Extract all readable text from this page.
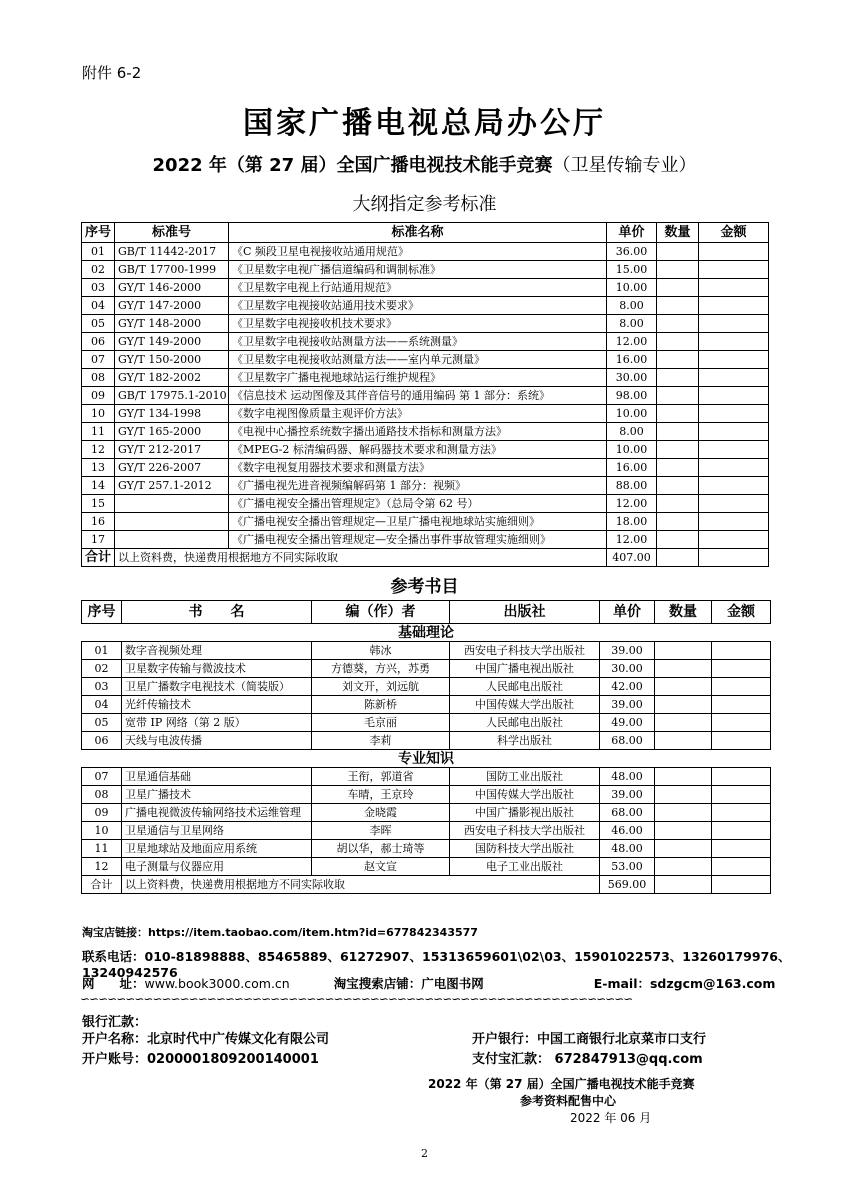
附件 6-2
国家广播电视总局办公厅
2022 年（第 27 届）全国广播电视技术能手竞赛（卫星传输专业）
大纲指定参考标准
序号	标准号	标准名称	单价	数量	金额
01	GB/T 11442-2017	《C 频段卫星电视接收站通用规范》	36.00		
02	GB/T 17700-1999	《卫星数字电视广播信道编码和调制标准》	15.00		
03	GY/T 146-2000	《卫星数字电视上行站通用规范》	10.00		
04	GY/T 147-2000	《卫星数字电视接收站通用技术要求》	8.00		
05	GY/T 148-2000	《卫星数字电视接收机技术要求》	8.00		
06	GY/T 149-2000	《卫星数字电视接收站测量方法——系统测量》	12.00		
07	GY/T 150-2000	《卫星数字电视接收站测量方法——室内单元测量》	16.00		
08	GY/T 182-2002	《卫星数字广播电视地球站运行维护规程》	30.00		
09	GB/T 17975.1-2010	《信息技术 运动图像及其伴音信号的通用编码 第 1 部分：系统》	98.00		
10	GY/T 134-1998	《数字电视图像质量主观评价方法》	10.00		
11	GY/T 165-2000	《电视中心播控系统数字播出通路技术指标和测量方法》	8.00		
12	GY/T 212-2017	《MPEG-2 标清编码器、解码器技术要求和测量方法》	10.00		
13	GY/T 226-2007	《数字电视复用器技术要求和测量方法》	16.00		
14	GY/T 257.1-2012	《广播电视先进音视频编解码第 1 部分：视频》	88.00		
15		《广播电视安全播出管理规定》（总局令第 62 号）	12.00		
16		《广播电视安全播出管理规定—卫星广播电视地球站实施细则》	18.00		
17		《广播电视安全播出管理规定—安全播出事件事故管理实施细则》	12.00		
合计	以上资料费，快递费用根据地方不同实际收取		407.00		
参考书目
序号	书　　名	编（作）者	出版社	单价	数量	金额
基础理论						
01	数字音视频处理	韩冰	西安电子科技大学出版社	39.00		
02	卫星数字传输与微波技术	方德葵，方兴，苏勇	中国广播电视出版社	30.00		
03	卫星广播数字电视技术（简装版）	刘文开，刘远航	人民邮电出版社	42.00		
04	光纤传输技术	陈新桥	中国传媒大学出版社	39.00		
05	宽带 IP 网络（第 2 版）	毛京丽	人民邮电出版社	49.00		
06	天线与电波传播	李莉	科学出版社	68.00		
专业知识						
07	卫星通信基础	王衔，郭道省	国防工业出版社	48.00		
08	卫星广播技术	车晴，王京玲	中国传媒大学出版社	39.00		
09	广播电视微波传输网络技术运维管理	金晓霞	中国广播影视出版社	68.00		
10	卫星通信与卫星网络	李晖	西安电子科技大学出版社	46.00		
11	卫星地球站及地面应用系统	胡以华，郝士琦等	国防科技大学出版社	48.00		
12	电子测量与仪器应用	赵文宣	电子工业出版社	53.00		
合计	以上资料费，快递费用根据地方不同实际收取			569.00		
淘宝店链接：https://item.taobao.com/item.htm?id=677842343577
联系电话：010-81898888、85465889、61272907、15313659601\02\03、15901022573、13260179976、13240942576
网　　址：www.book3000.com.cn	淘宝搜索店铺：广电图书网	E-mail：sdzgcm@163.com
∽∽∽∽∽∽∽∽∽∽∽∽∽∽∽∽∽∽∽∽∽∽∽∽∽∽∽∽∽∽∽∽∽∽∽∽∽∽∽∽∽∽∽∽∽∽∽∽∽∽∽∽∽∽∽∽∽∽∽∽∽
银行汇款：
开户名称：北京时代中广传媒文化有限公司	开户银行：中国工商银行北京菜市口支行
开户账号：0200001809200140001	支付宝汇款： 672847913@qq.com
2022 年（第 27 届）全国广播电视技术能手竞赛
参考资料配售中心
2022 年 06 月
2
